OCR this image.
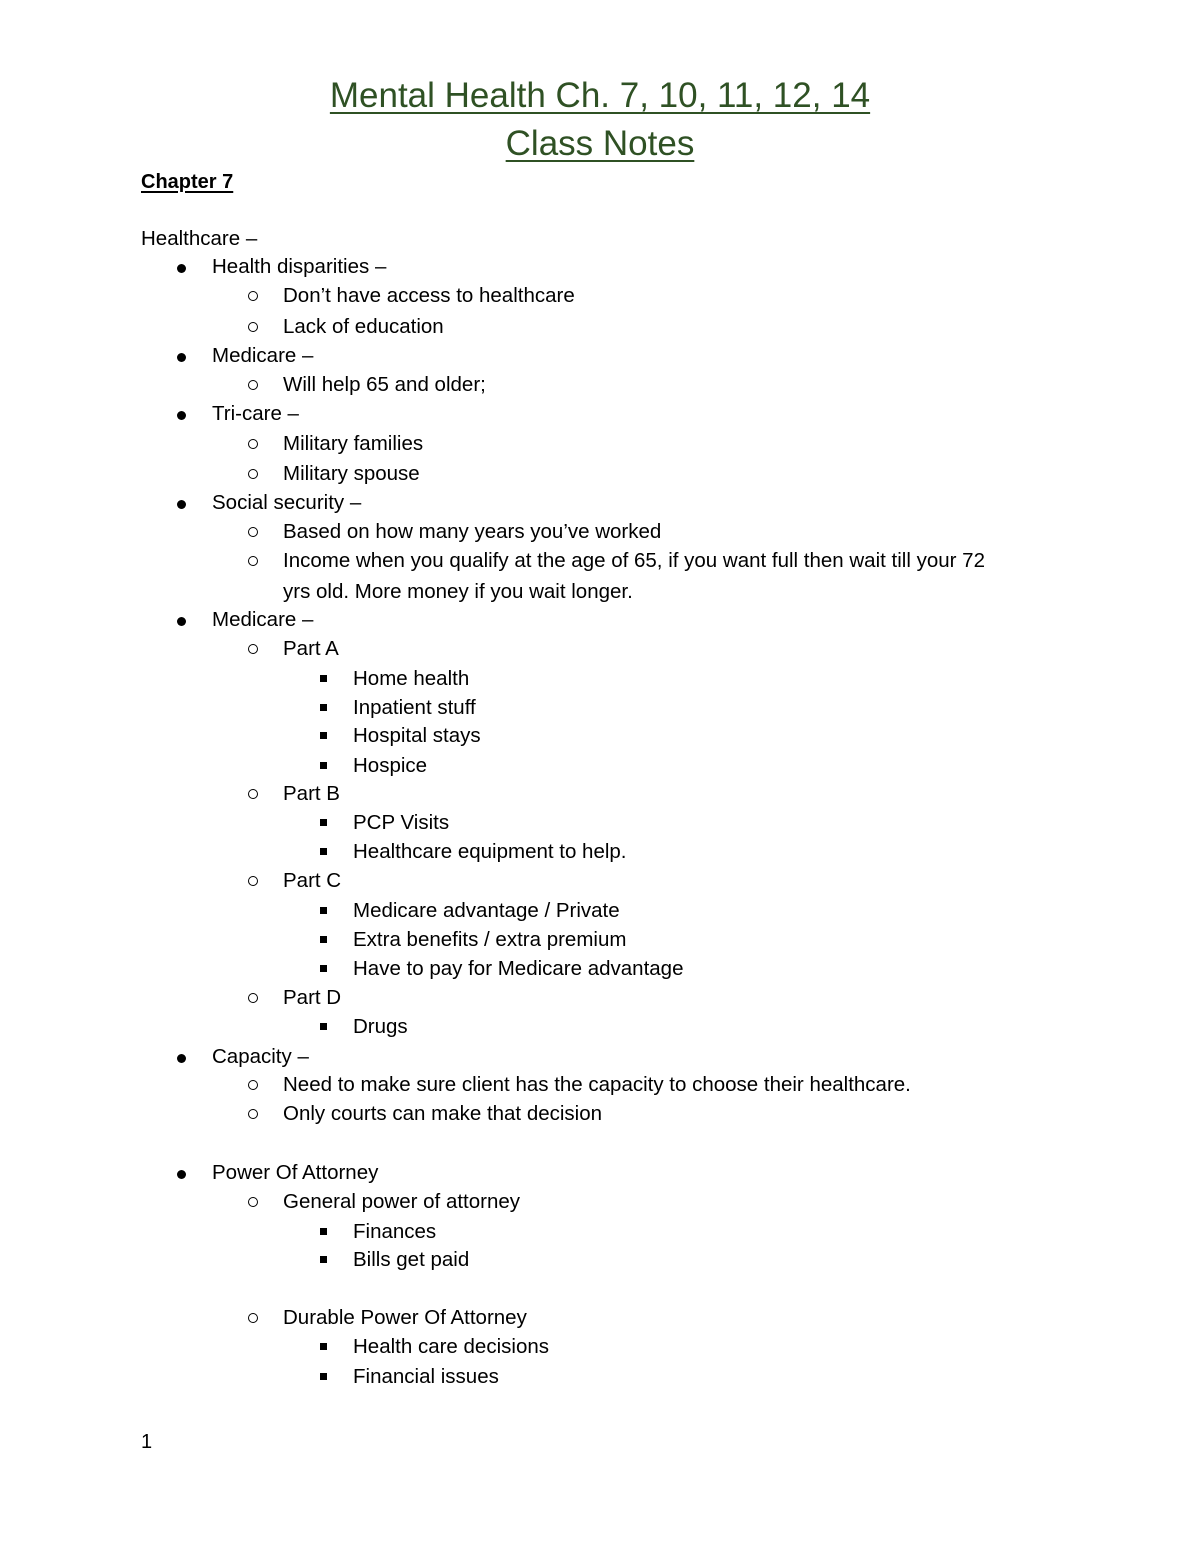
Mental Health Ch. 7, 10, 11, 12, 14
Class Notes
Chapter 7
Healthcare –
Health disparities –
Don’t have access to healthcare
Lack of education
Medicare –
Will help 65 and older;
Tri-care –
Military families
Military spouse
Social security –
Based on how many years you’ve worked
Income when you qualify at the age of 65, if you want full then wait till your 72
yrs old. More money if you wait longer.
Medicare –
Part A
Home health
Inpatient stuff
Hospital stays
Hospice
Part B
PCP Visits
Healthcare equipment to help.
Part C
Medicare advantage / Private
Extra benefits / extra premium
Have to pay for Medicare advantage
Part D
Drugs
Capacity –
Need to make sure client has the capacity to choose their healthcare.
Only courts can make that decision
Power Of Attorney
General power of attorney
Finances
Bills get paid
Durable Power Of Attorney
Health care decisions
Financial issues
1
